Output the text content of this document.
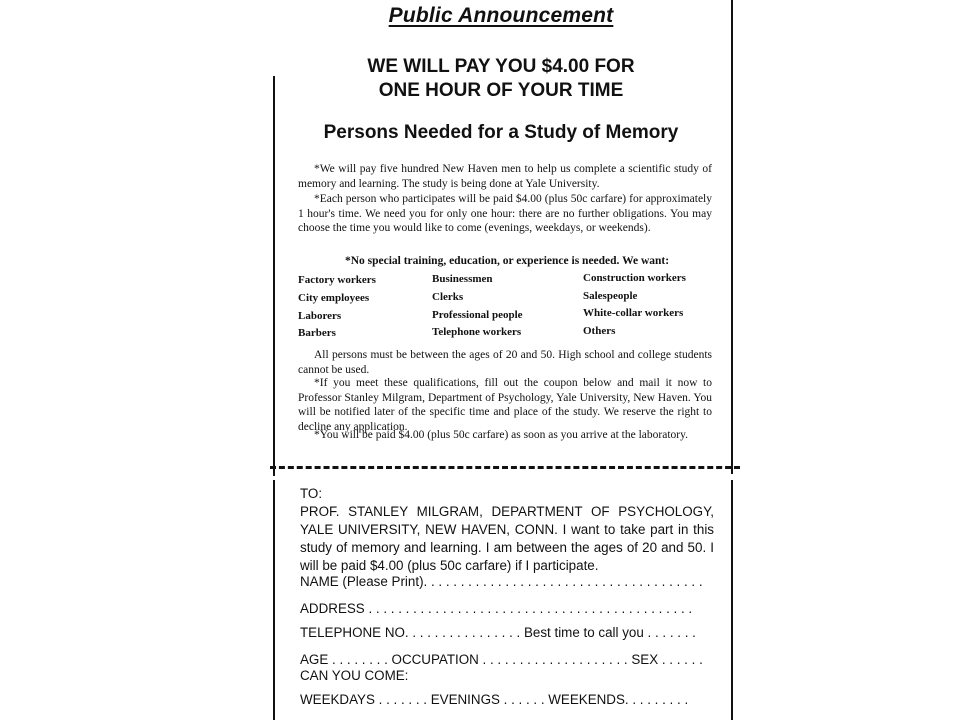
Public Announcement
WE WILL PAY YOU $4.00 FOR
ONE HOUR OF YOUR TIME
Persons Needed for a Study of Memory
*We will pay five hundred New Haven men to help us complete a scientific study of memory and learning. The study is being done at Yale University.
*Each person who participates will be paid $4.00 (plus 50c carfare) for approximately 1 hour's time. We need you for only one hour: there are no further obligations. You may choose the time you would like to come (evenings, weekdays, or weekends).
*No special training, education, or experience is needed. We want:
Factory workers	Businessmen	Construction workers
City employees	Clerks	Salespeople
Laborers	Professional people	White-collar workers
Barbers	Telephone workers	Others
All persons must be between the ages of 20 and 50. High school and college students cannot be used.
*If you meet these qualifications, fill out the coupon below and mail it now to Professor Stanley Milgram, Department of Psychology, Yale University, New Haven. You will be notified later of the specific time and place of the study. We reserve the right to decline any application.
*You will be paid $4.00 (plus 50c carfare) as soon as you arrive at the laboratory.
TO:
PROF. STANLEY MILGRAM, DEPARTMENT OF PSYCHOLOGY, YALE UNIVERSITY, NEW HAVEN, CONN. I want to take part in this study of memory and learning. I am between the ages of 20 and 50. I will be paid $4.00 (plus 50c carfare) if I participate.
NAME (Please Print). . . . . . . . . . . . . . . . . . . . . . . . . . . . . . . . . . . . . .
ADDRESS . . . . . . . . . . . . . . . . . . . . . . . . . . . . . . . . . . . . . . . . . . . .
TELEPHONE NO. . . . . . . . . . . . . . . . Best time to call you . . . . . . .
AGE . . . . . . . . OCCUPATION . . . . . . . . . . . . . . . . . . . . SEX . . . . . .
CAN YOU COME:
WEEKDAYS . . . . . . . EVENINGS . . . . . . WEEKENDS. . . . . . . . .
